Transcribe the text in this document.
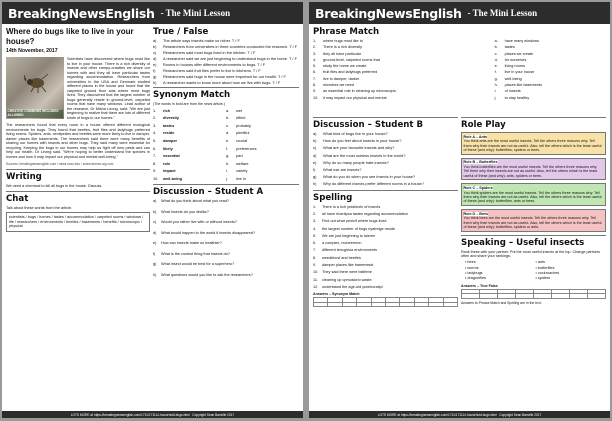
BreakingNewsEnglish - The Mini Lesson
Where do bugs like to live in your house?
14th November, 2017
CREATIVE COMMONS INCLUDES ALLOWED
Scientists have discovered where bugs most like to live in your house. There is a rich diversity of insects and other creepy-crawlies we share our homes with and they all have particular tastes regarding accommodation. Researchers from universities in the USA and Denmark studied different places in the house and found that the carpeted ground floor was where most bugs lived. They discovered that the largest number of bugs generally reside in ground-level, carpeted rooms that have many windows. Lead author of the research, Dr Misha Leong, said: "We are just beginning to realize that there are lots of different kinds of bugs in our homes."
The researchers found that every room in a house offered different ecological environments for bugs. They found that beetles, fruit flies and ladybugs preferred living rooms. Spiders, ants, centipedes and beetles were more likely to live in damper, darker places like basements. The researchers said there were many benefits of sharing our homes with insects and other bugs. They said many were essential for recycling. Keeping the bugs in our homes may help us fight off new pests and can help our health. Dr Leong said, "We're hoping to better understand the species in homes and how it may impact our physical and mental well-being."
Sources: breakingnewsenglish.com / news.ncsu.edu / sciencenews.org.com
Writing
We need a chemical to kill all bugs in the house. Discuss.
Chat
Talk about these words from the article.
scientists / bugs / homes / tastes / accommodation / carpeted rooms / windows / life / researchers / environments / beetles / basements / benefits / microscopic / physical
True / False
a)	The article says insects make us richer. T / F
b)	Researchers from universities in three countries conducted the research. T / F
c)	Researchers said most bugs lived in the kitchen. T / F
d)	A researcher said we are just beginning to understand bugs in the home. T / F
e)	Rooms in houses offer different environments to bugs. T / F
f)	Researchers said fruit flies prefer to live in kitchens. T / F
g)	Researchers said bugs in the house were important for our health. T / F
h)	A researcher wants to know more about how we live with bugs. T / F
Synonym Match
(The words in bold are from the news article.)
1.	rich	a.	wet
2.	diversity	b.	effect
3.	tastes	c.	probably
4.	reside	d.	plentiful
5.	damper	e.	crucial
6.	likely	f.	preferences
7.	essential	g.	part
8.	role	h.	welfare
9.	impact	i.	variety
10.	well-being	j.	live in
Discussion – Student A
a)	What do you think about what you read?
b)	What insects do you dislike?
c)	Would you rather live with or without insects?
d)	What would happen to the world if insects disappeared?
e)	How can insects make us healthier?
f)	What is the coolest thing that insects do?
g)	What insect would be best for a superhero?
h)	What questions would you like to ask the researchers?
LOTS MORE at https://breakingnewsenglish.com/1711/171114-household-bugs.html
Copyright Sean Banville 2017
BreakingNewsEnglish - The Mini Lesson
Phrase Match
1.	where bugs most like to	a.	have many windows
2.	There is a rich diversity	b.	tastes
3.	they all have particular	c.	places we create
4.	ground-level, carpeted rooms that	d.	for ourselves
5.	study the home we create	e.	living rooms
6.	fruit flies and ladybugs preferred	f.	live in your house
7.	live in damper, darker	g.	well-being
8.	microbes we need	h.	places like basements
9.	an essential role in cleaning up microscopic	i.	of insects
10.	it may impact our physical and mental	j.	to stay healthy
Discussion – Student B
a)	What kind of bugs live in your house?
b)	How do you feel about insects in your house?
c)	What are your favourite insects and why?
d)	What are the most useless insects in the world?
e)	Why do so many people hate insects?
f)	What use are insects?
g)	What do you do when you see insects in your house?
h)	Why do different insects prefer different rooms in a house?
Spelling
1.	There is a rich yrdsiieotv of insects
2.	all have rluaritpca tastes regarding accommodation
3.	Find out what peoiclf where bugs lived
4.	the largest number of bugs nyalrelge reside
5.	We are just beginning to laizree
6.	a complex, rioioeermnn
7.	different tencglrioa environments
8.	weedbhcsf and beetles
9.	damper places like bamenesst
10. They said there were bsitfene
11.	cleaning up cpmosicrio waste
12. understand the age-old ysnehoratipl
Answers – Synonym Match

Role Play
Role A – Ants
You think ants are the most useful insects. Tell the others three reasons why. Tell them why their insects are not as useful. Also, tell the others which is the least useful of these (and why): butterflies, spiders or bees.
Role B – Butterflies
You think butterflies are the most useful insects. Tell the others three reasons why. Tell them why their insects are not as useful. Also, tell the others which is the least useful of these (and why): ants, spiders or bees.
Role C – Spiders
You think spiders are the most useful insects. Tell the others three reasons why. Tell them why their insects are not as useful. Also, tell the others which is the least useful of these (and why): butterflies, ants or bees.
Role D – Bees
You think bees are the most useful insects. Tell the others three reasons why. Tell them why their insects are not as useful. Also, tell the others which is the least useful of these (and why): butterflies, spiders or ants.
Speaking – Useful insects
Rank these with your partner. Put the most useful insects at the top. Change partners often and share your rankings.
• bees	• ants
• worms	• butterflies
• ladybugs	• cockroaches
• dragonflies	• spiders
Answers – True False

Answers to Phrase Match and Spelling are in the text.
LOTS MORE at https://breakingnewsenglish.com/1711/171114-household-bugs.html
Copyright Sean Banville 2017
